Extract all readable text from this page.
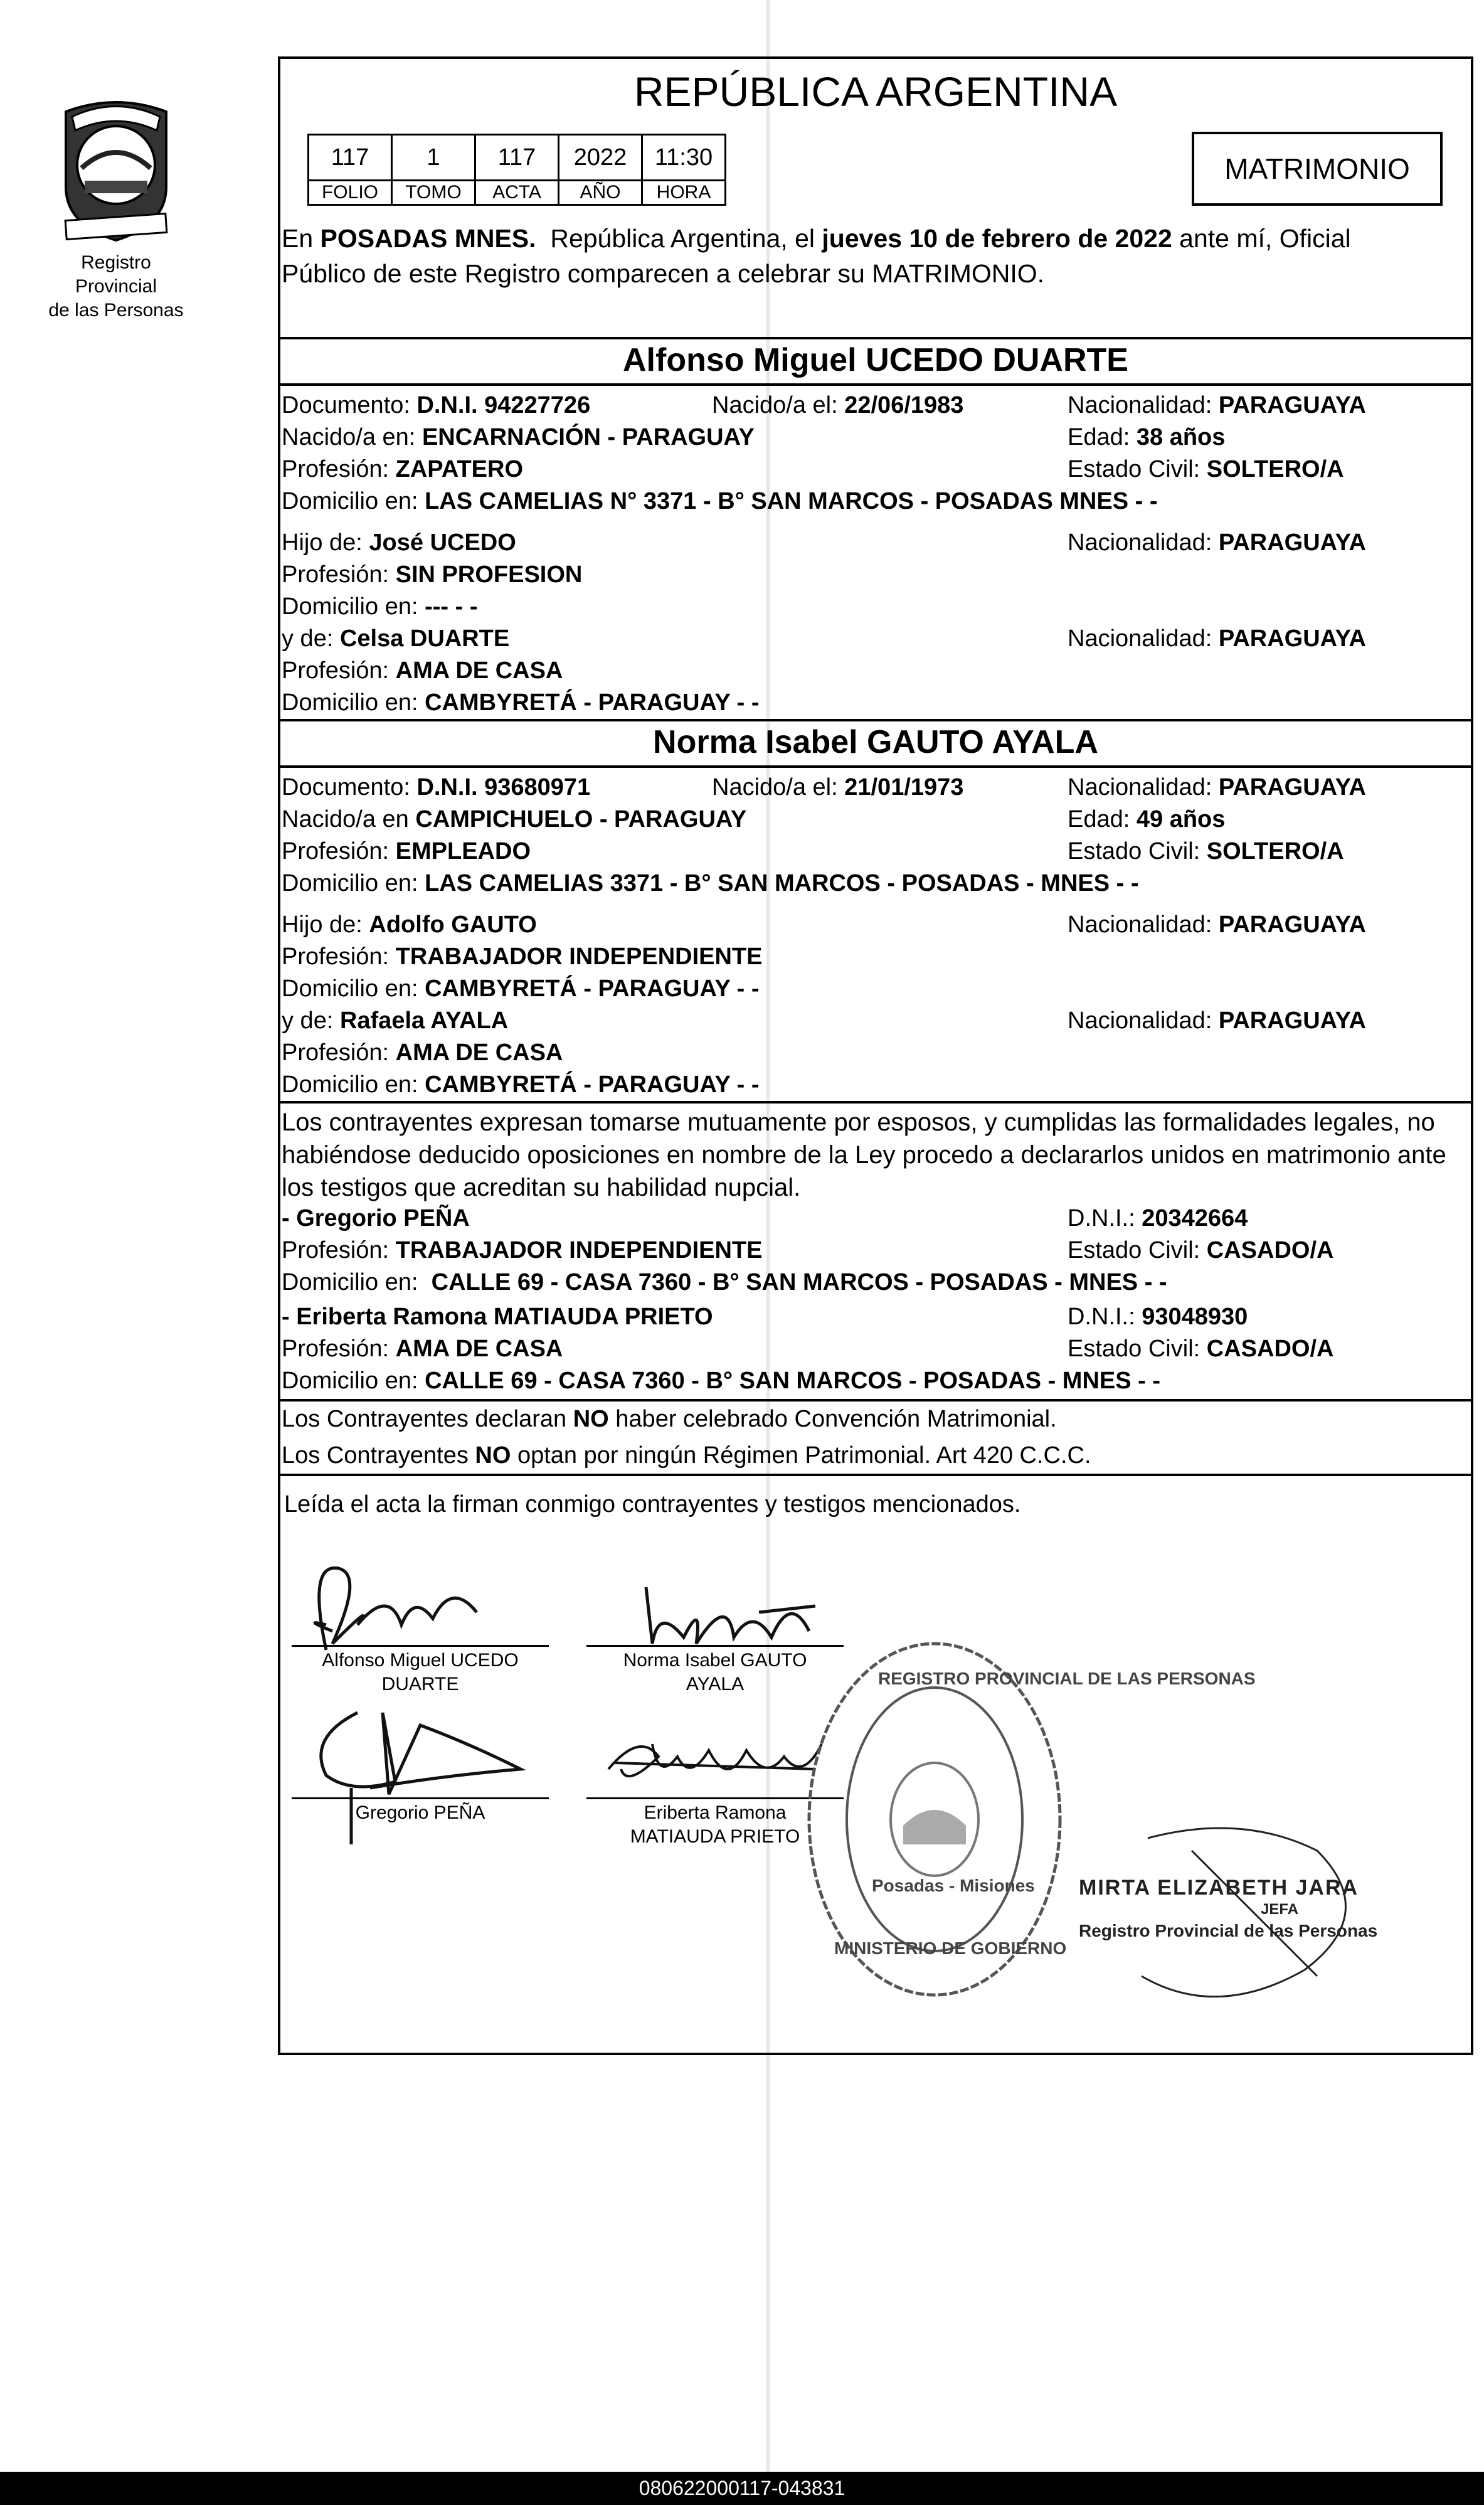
Registro Provincial
de las Personas
REPÚBLICA ARGENTINA
117	1	117	2022	11:30
FOLIO	TOMO	ACTA	AÑO	HORA
MATRIMONIO
En POSADAS MNES.  República Argentina, el jueves 10 de febrero de 2022 ante mí, Oficial
Público de este Registro comparecen a celebrar su MATRIMONIO.
Alfonso Miguel UCEDO DUARTE
Documento: D.N.I. 94227726	Nacido/a el: 22/06/1983	Nacionalidad: PARAGUAYA
Nacido/a en: ENCARNACIÓN - PARAGUAY	Edad: 38 años
Profesión: ZAPATERO	Estado Civil: SOLTERO/A
Domicilio en: LAS CAMELIAS N° 3371 - B° SAN MARCOS - POSADAS MNES - -
Hijo de: José UCEDO	Nacionalidad: PARAGUAYA
Profesión: SIN PROFESION
Domicilio en: --- - -
y de: Celsa DUARTE	Nacionalidad: PARAGUAYA
Profesión: AMA DE CASA
Domicilio en: CAMBYRETÁ - PARAGUAY - -
Norma Isabel GAUTO AYALA
Documento: D.N.I. 93680971	Nacido/a el: 21/01/1973	Nacionalidad: PARAGUAYA
Nacido/a en CAMPICHUELO - PARAGUAY	Edad: 49 años
Profesión: EMPLEADO	Estado Civil: SOLTERO/A
Domicilio en: LAS CAMELIAS 3371 - B° SAN MARCOS - POSADAS - MNES - -
Hijo de: Adolfo GAUTO	Nacionalidad: PARAGUAYA
Profesión: TRABAJADOR INDEPENDIENTE
Domicilio en: CAMBYRETÁ - PARAGUAY - -
y de: Rafaela AYALA	Nacionalidad: PARAGUAYA
Profesión: AMA DE CASA
Domicilio en: CAMBYRETÁ - PARAGUAY - -
Los contrayentes expresan tomarse mutuamente por esposos, y cumplidas las formalidades legales, no
habiéndose deducido oposiciones en nombre de la Ley procedo a declararlos unidos en matrimonio ante
los testigos que acreditan su habilidad nupcial.
- Gregorio PEÑA	D.N.I.: 20342664
Profesión: TRABAJADOR INDEPENDIENTE	Estado Civil: CASADO/A
Domicilio en:  CALLE 69 - CASA 7360 - B° SAN MARCOS - POSADAS - MNES - -
- Eriberta Ramona MATIAUDA PRIETO	D.N.I.: 93048930
Profesión: AMA DE CASA	Estado Civil: CASADO/A
Domicilio en: CALLE 69 - CASA 7360 - B° SAN MARCOS - POSADAS - MNES - -
Los Contrayentes declaran NO haber celebrado Convención Matrimonial.
Los Contrayentes NO optan por ningún Régimen Patrimonial. Art 420 C.C.C.
Leída el acta la firman conmigo contrayentes y testigos mencionados.
Alfonso Miguel UCEDO
DUARTE
Norma Isabel GAUTO
AYALA
Gregorio PEÑA	Eriberta Ramona
MATIAUDA PRIETO
REGISTRO PROVINCIAL DE LAS PERSONAS
Posadas - Misiones
MINISTERIO DE GOBIERNO
MIRTA ELIZABETH JARA
JEFA
Registro Provincial de las Personas
080622000117-043831
